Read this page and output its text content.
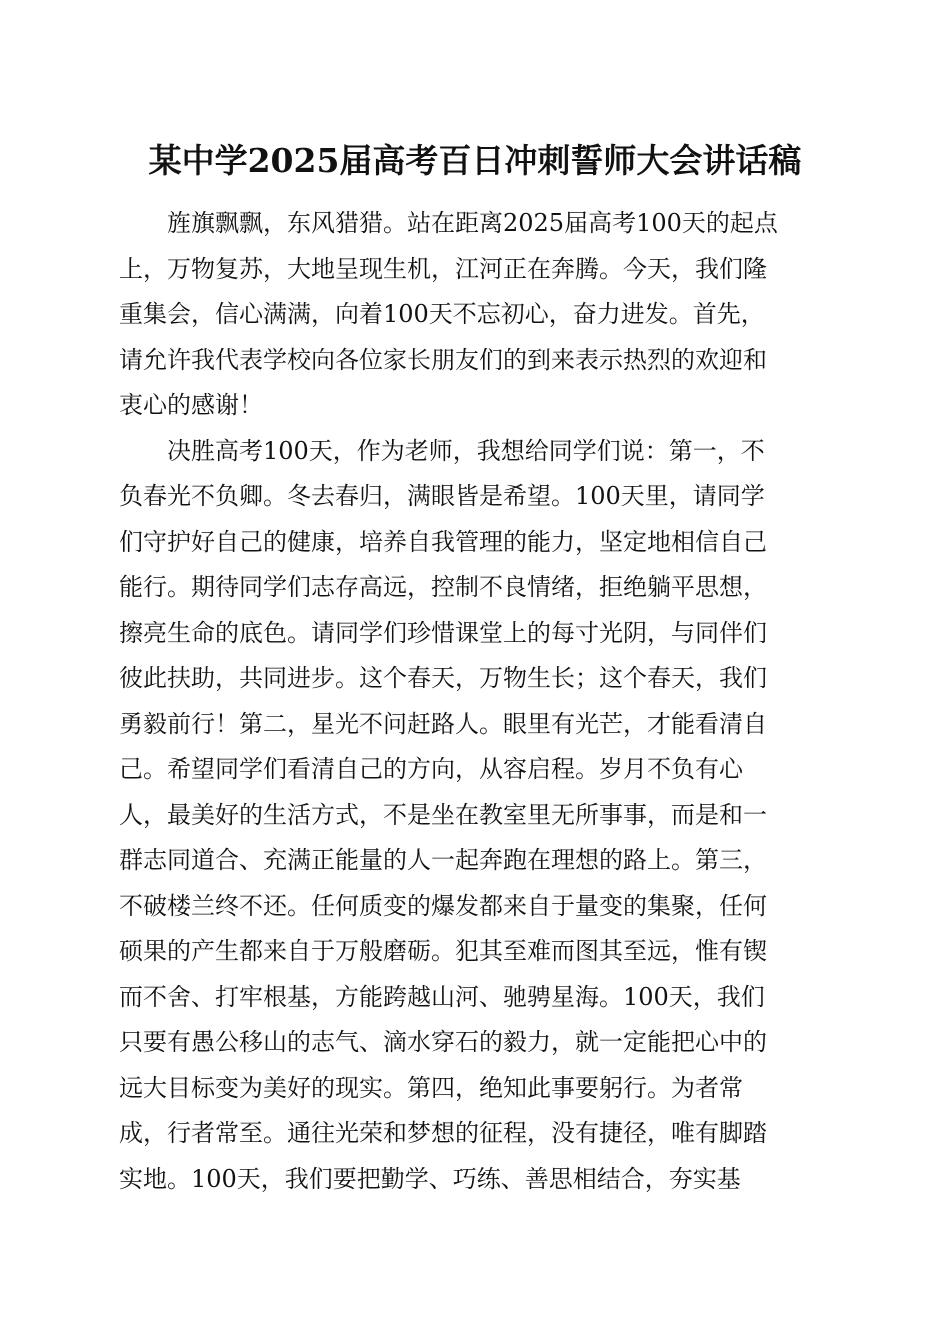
某中学2025届高考百日冲刺誓师大会讲话稿
　　旌旗飘飘，东风猎猎。站在距离2025届高考100天的起点
上，万物复苏，大地呈现生机，江河正在奔腾。今天，我们隆
重集会，信心满满，向着100天不忘初心，奋力进发。首先，
请允许我代表学校向各位家长朋友们的到来表示热烈的欢迎和
衷心的感谢！
　　决胜高考100天，作为老师，我想给同学们说：第一，不
负春光不负卿。冬去春归，满眼皆是希望。100天里，请同学
们守护好自己的健康，培养自我管理的能力，坚定地相信自己
能行。期待同学们志存高远，控制不良情绪，拒绝躺平思想，
擦亮生命的底色。请同学们珍惜课堂上的每寸光阴，与同伴们
彼此扶助，共同进步。这个春天，万物生长；这个春天，我们
勇毅前行！第二，星光不问赶路人。眼里有光芒，才能看清自
己。希望同学们看清自己的方向，从容启程。岁月不负有心
人，最美好的生活方式，不是坐在教室里无所事事，而是和一
群志同道合、充满正能量的人一起奔跑在理想的路上。第三，
不破楼兰终不还。任何质变的爆发都来自于量变的集聚，任何
硕果的产生都来自于万般磨砺。犯其至难而图其至远，惟有锲
而不舍、打牢根基，方能跨越山河、驰骋星海。100天，我们
只要有愚公移山的志气、滴水穿石的毅力，就一定能把心中的
远大目标变为美好的现实。第四，绝知此事要躬行。为者常
成，行者常至。通往光荣和梦想的征程，没有捷径，唯有脚踏
实地。100天，我们要把勤学、巧练、善思相结合，夯实基
